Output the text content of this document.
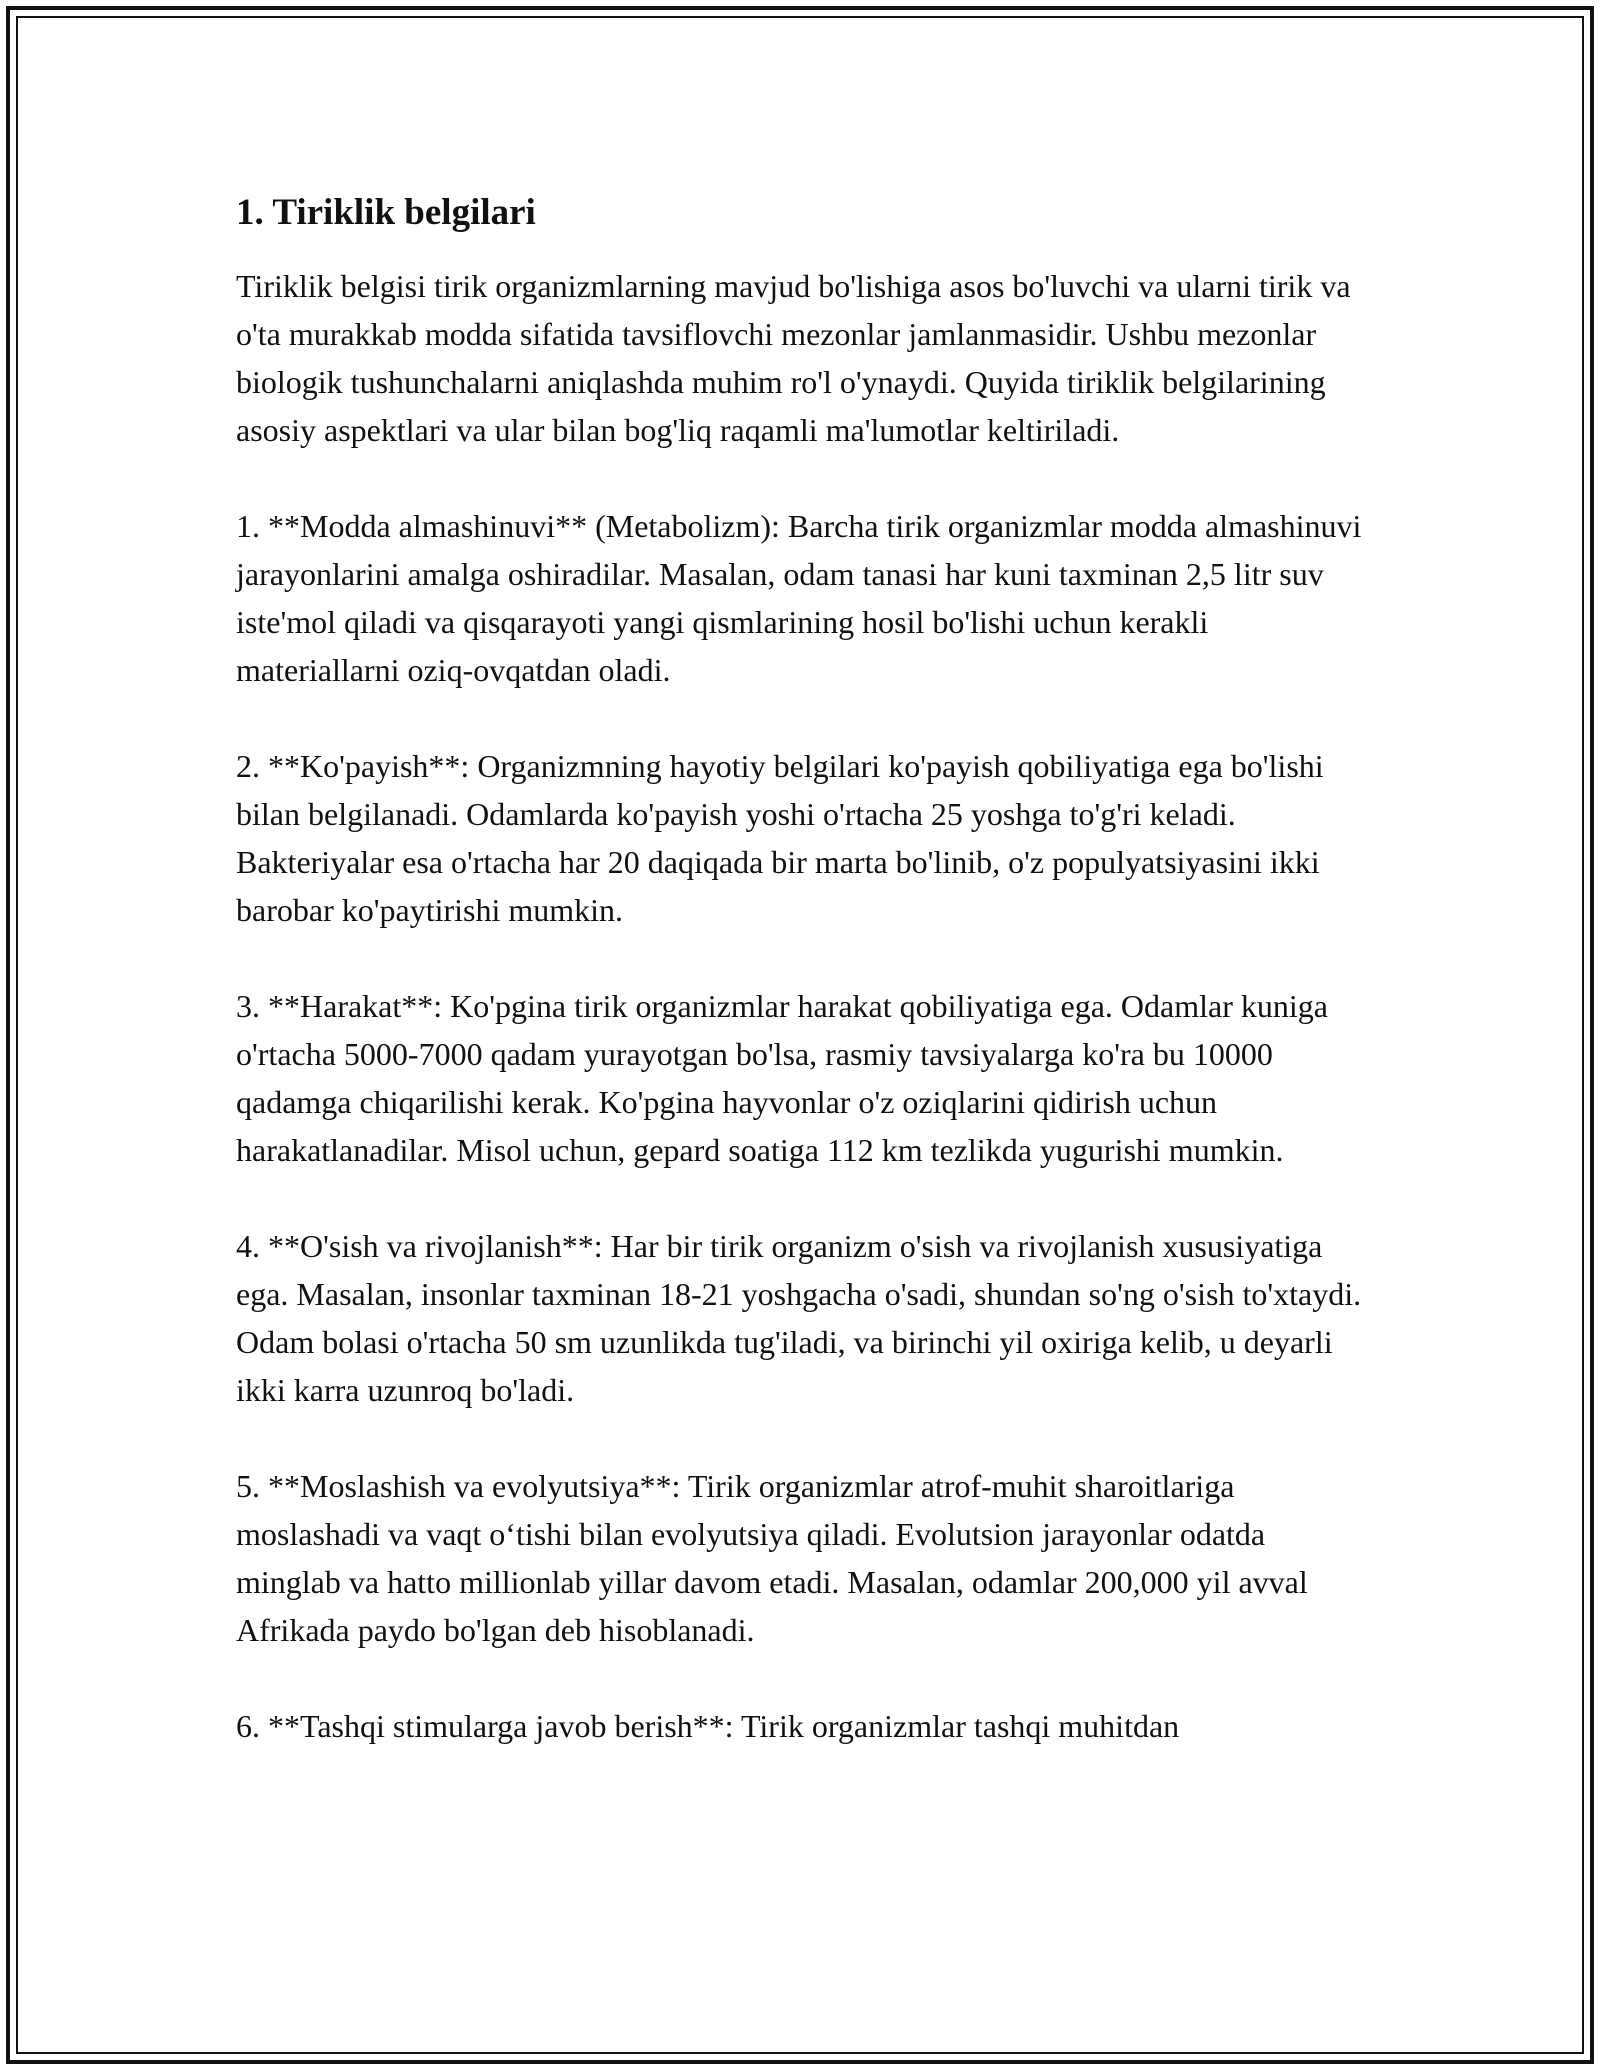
1. Tiriklik belgilari

Tiriklik belgisi tirik organizmlarning mavjud bo'lishiga asos bo'luvchi va ularni tirik va o'ta murakkab modda sifatida tavsiflovchi mezonlar jamlanmasidir. Ushbu mezonlar biologik tushunchalarni aniqlashda muhim ro'l o'ynaydi. Quyida tiriklik belgilarining asosiy aspektlari va ular bilan bog'liq raqamli ma'lumotlar keltiriladi.

1. **Modda almashinuvi** (Metabolizm): Barcha tirik organizmlar modda almashinuvi jarayonlarini amalga oshiradilar. Masalan, odam tanasi har kuni taxminan 2,5 litr suv iste'mol qiladi va qisqarayoti yangi qismlarining hosil bo'lishi uchun kerakli materiallarni oziq-ovqatdan oladi.

2. **Ko'payish**: Organizmning hayotiy belgilari ko'payish qobiliyatiga ega bo'lishi bilan belgilanadi. Odamlarda ko'payish yoshi o'rtacha 25 yoshga to'g'ri keladi. Bakteriyalar esa o'rtacha har 20 daqiqada bir marta bo'linib, o'z populyatsiyasini ikki barobar ko'paytirishi mumkin.

3. **Harakat**: Ko'pgina tirik organizmlar harakat qobiliyatiga ega. Odamlar kuniga o'rtacha 5000-7000 qadam yurayotgan bo'lsa, rasmiy tavsiyalarga ko'ra bu 10000 qadamga chiqarilishi kerak. Ko'pgina hayvonlar o'z oziqlarini qidirish uchun harakatlanadilar. Misol uchun, gepard soatiga 112 km tezlikda yugurishi mumkin.

4. **O'sish va rivojlanish**: Har bir tirik organizm o'sish va rivojlanish xususiyatiga ega. Masalan, insonlar taxminan 18-21 yoshgacha o'sadi, shundan so'ng o'sish to'xtaydi. Odam bolasi o'rtacha 50 sm uzunlikda tug'iladi, va birinchi yil oxiriga kelib, u deyarli ikki karra uzunroq bo'ladi.

5. **Moslashish va evolyutsiya**: Tirik organizmlar atrof-muhit sharoitlariga moslashadi va vaqt o‘tishi bilan evolyutsiya qiladi. Evolutsion jarayonlar odatda minglab va hatto millionlab yillar davom etadi. Masalan, odamlar 200,000 yil avval Afrikada paydo bo'lgan deb hisoblanadi.

6. **Tashqi stimularga javob berish**: Tirik organizmlar tashqi muhitdan
